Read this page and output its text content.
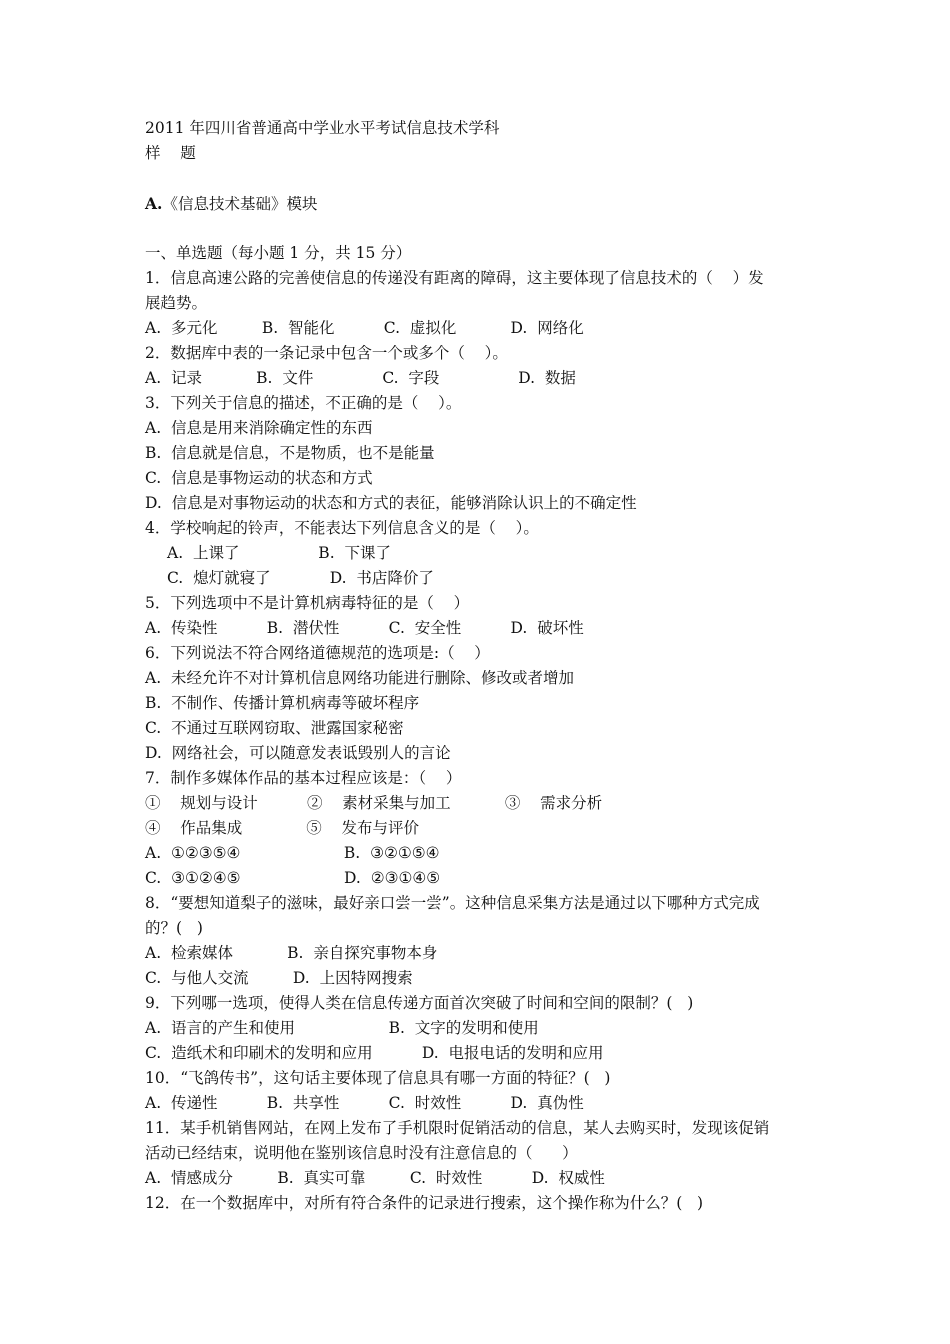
2011 年四川省普通高中学业水平考试信息技术学科
样    题
A.《信息技术基础》模块
一、单选题（每小题 1 分，共 15 分）
1．信息高速公路的完善使信息的传递没有距离的障碍，这主要体现了信息技术的（    ）发
展趋势。
A.  多元化         B.  智能化          C.  虚拟化           D.  网络化
2．数据库中表的一条记录中包含一个或多个（    ）。
A.  记录           B.  文件              C.  字段                D.  数据
3．下列关于信息的描述，不正确的是（    ）。
A.  信息是用来消除确定性的东西
B.  信息就是信息，不是物质，也不是能量
C.  信息是事物运动的状态和方式
D.  信息是对事物运动的状态和方式的表征，能够消除认识上的不确定性
4．学校响起的铃声，不能表达下列信息含义的是（    ）。
A.  上课了                B.  下课了
C.  熄灯就寝了            D.  书店降价了
5．下列选项中不是计算机病毒特征的是（    ）
A.  传染性          B.  潜伏性          C.  安全性          D.  破坏性
6．下列说法不符合网络道德规范的选项是:（    ）
A.  未经允许不对计算机信息网络功能进行删除、修改或者增加
B.  不制作、传播计算机病毒等破坏程序
C.  不通过互联网窃取、泄露国家秘密
D.  网络社会，可以随意发表诋毁别人的言论
7．制作多媒体作品的基本过程应该是：（    ）
①    规划与设计          ②    素材采集与加工           ③    需求分析
④    作品集成             ⑤    发布与评价
A.  ①②③⑤④                     B.  ③②①⑤④
C.  ③①②④⑤                     D.  ②③①④⑤
8．“要想知道梨子的滋味，最好亲口尝一尝”。这种信息采集方法是通过以下哪种方式完成
的？(   )
A.  检索媒体           B.  亲自探究事物本身
C.  与他人交流         D.  上因特网搜索
9．下列哪一选项，使得人类在信息传递方面首次突破了时间和空间的限制？(   )
A.  语言的产生和使用                   B.  文字的发明和使用
C.  造纸术和印刷术的发明和应用          D.  电报电话的发明和应用
10．“飞鸽传书”，这句话主要体现了信息具有哪一方面的特征？(   )
A.  传递性          B.  共享性          C.  时效性          D.  真伪性
11．某手机销售网站，在网上发布了手机限时促销活动的信息，某人去购买时，发现该促销
活动已经结束，说明他在鉴别该信息时没有注意信息的（      ）
A.  情感成分         B.  真实可靠         C.  时效性          D.  权威性
12．在一个数据库中，对所有符合条件的记录进行搜索，这个操作称为什么？(   )
